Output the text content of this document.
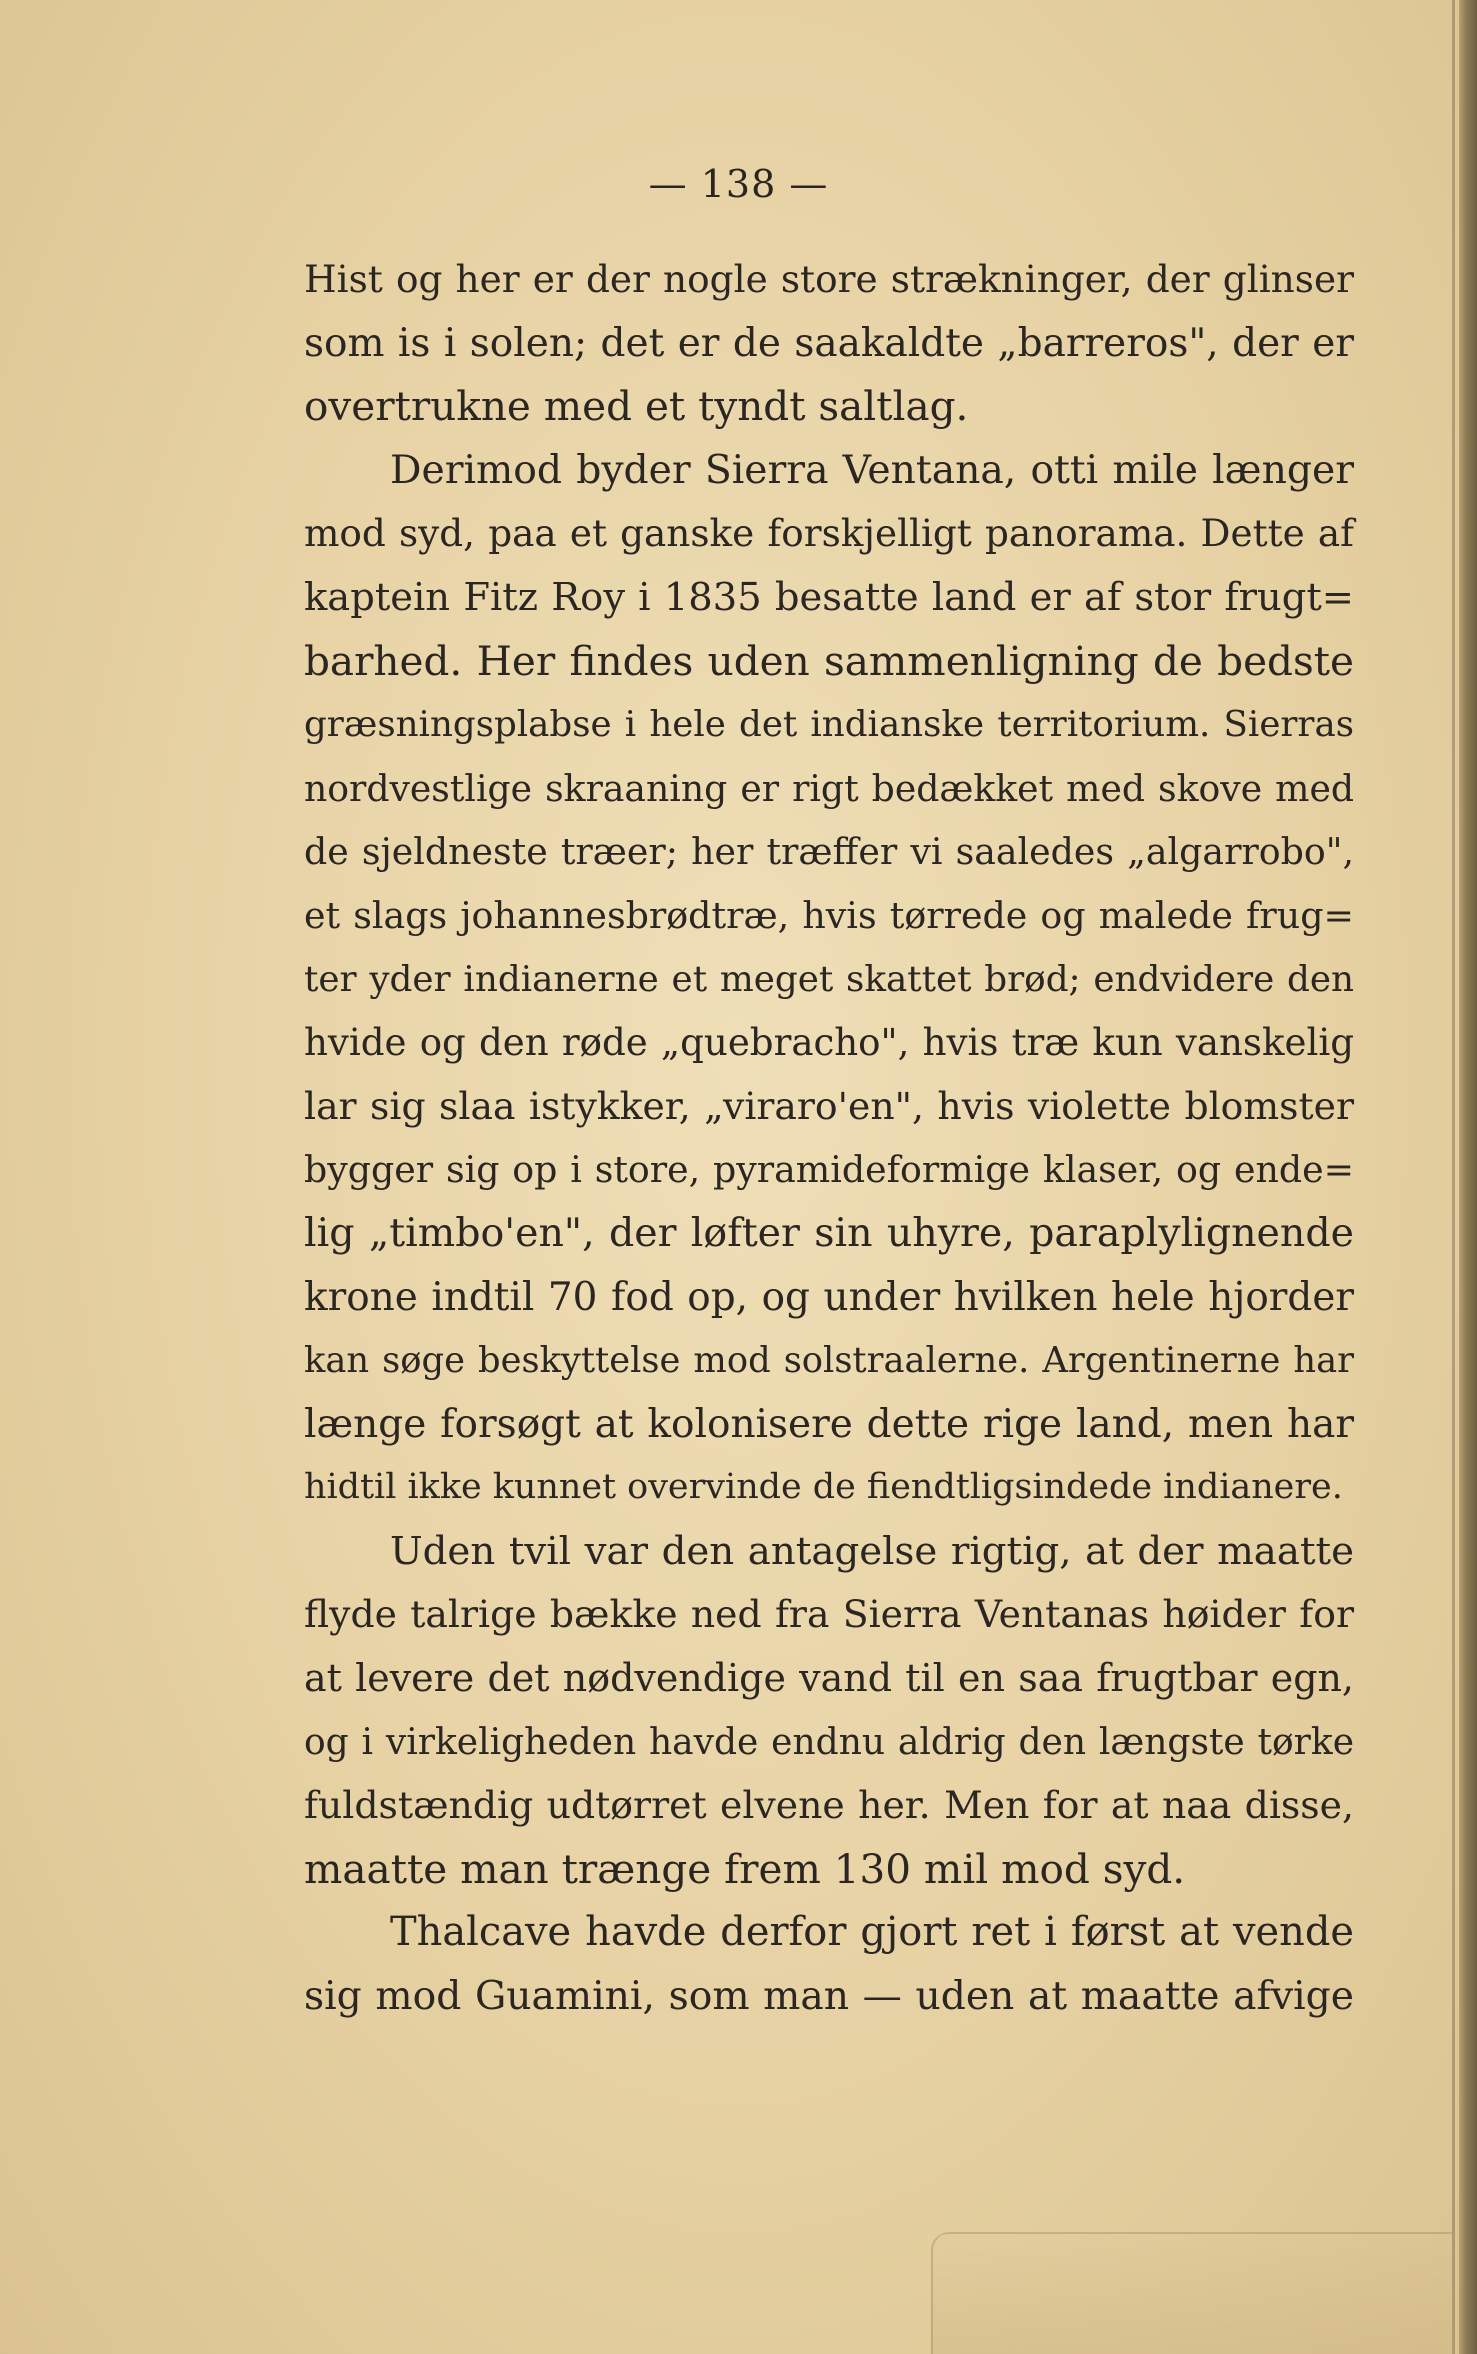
— 138 —
Hist og her er der nogle store strækninger, der glinser
som is i solen; det er de saakaldte „barreros", der er
overtrukne med et tyndt saltlag.
Derimod byder Sierra Ventana, otti mile længer
mod syd, paa et ganske forskjelligt panorama. Dette af
kaptein Fitz Roy i 1835 besatte land er af stor frugt=
barhed. Her findes uden sammenligning de bedste
græsningsplabse i hele det indianske territorium. Sierras
nordvestlige skraaning er rigt bedækket med skove med
de sjeldneste træer; her træffer vi saaledes „algarrobo",
et slags johannesbrødtræ, hvis tørrede og malede frug=
ter yder indianerne et meget skattet brød; endvidere den
hvide og den røde „quebracho", hvis træ kun vanskelig
lar sig slaa istykker, „viraro'en", hvis violette blomster
bygger sig op i store, pyramideformige klaser, og ende=
lig „timbo'en", der løfter sin uhyre, paraplylignende
krone indtil 70 fod op, og under hvilken hele hjorder
kan søge beskyttelse mod solstraalerne. Argentinerne har
længe forsøgt at kolonisere dette rige land, men har
hidtil ikke kunnet overvinde de fiendtligsindede indianere.
Uden tvil var den antagelse rigtig, at der maatte
flyde talrige bække ned fra Sierra Ventanas høider for
at levere det nødvendige vand til en saa frugtbar egn,
og i virkeligheden havde endnu aldrig den længste tørke
fuldstændig udtørret elvene her. Men for at naa disse,
maatte man trænge frem 130 mil mod syd.
Thalcave havde derfor gjort ret i først at vende
sig mod Guamini, som man — uden at maatte afvige
